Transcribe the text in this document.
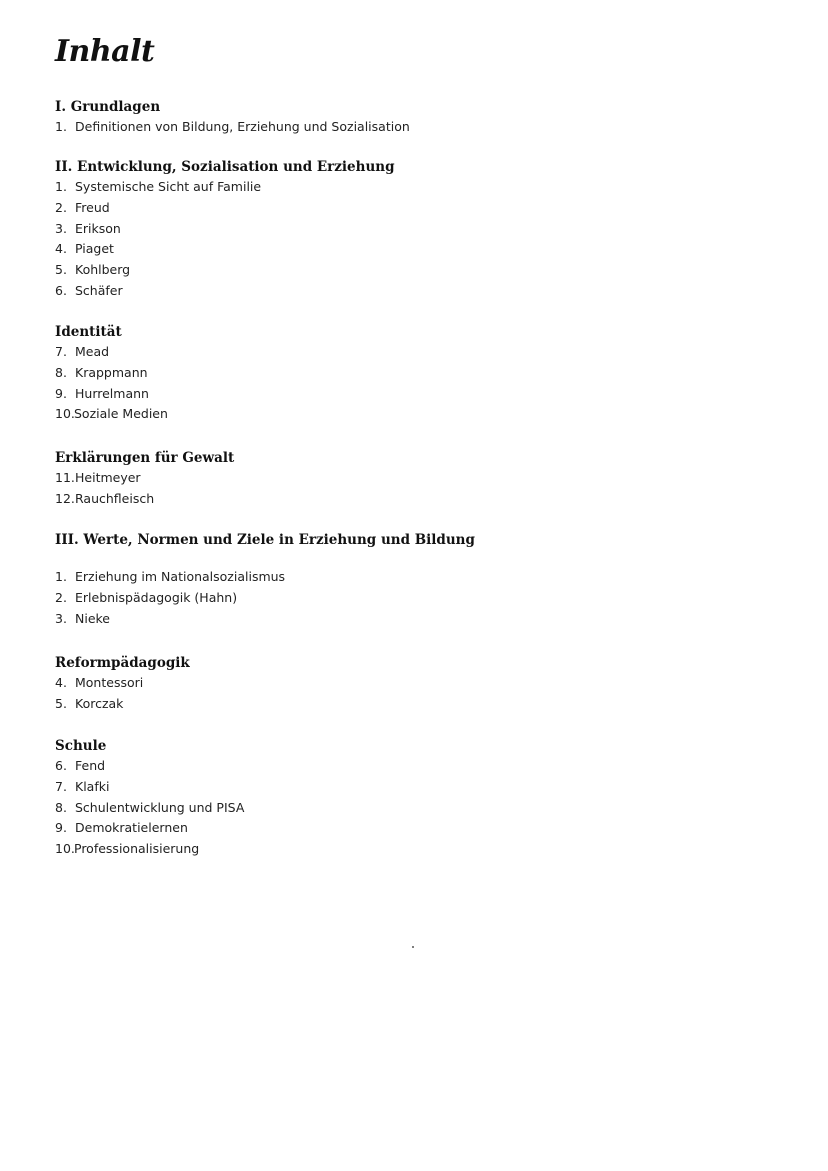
Inhalt
I. Grundlagen
1. Definitionen von Bildung, Erziehung und Sozialisation
II. Entwicklung, Sozialisation und Erziehung
1. Systemische Sicht auf Familie
2. Freud
3. Erikson
4. Piaget
5. Kohlberg
6. Schäfer
Identität
7. Mead
8. Krappmann
9. Hurrelmann
10. Soziale Medien
Erklärungen für Gewalt
11. Heitmeyer
12. Rauchfleisch
III. Werte, Normen und Ziele in Erziehung und Bildung
1. Erziehung im Nationalsozialismus
2. Erlebnispädagogik (Hahn)
3. Nieke
Reformpädagogik
4. Montessori
5. Korczak
Schule
6. Fend
7. Klafki
8. Schulentwicklung und PISA
9. Demokratielernen
10. Professionalisierung
